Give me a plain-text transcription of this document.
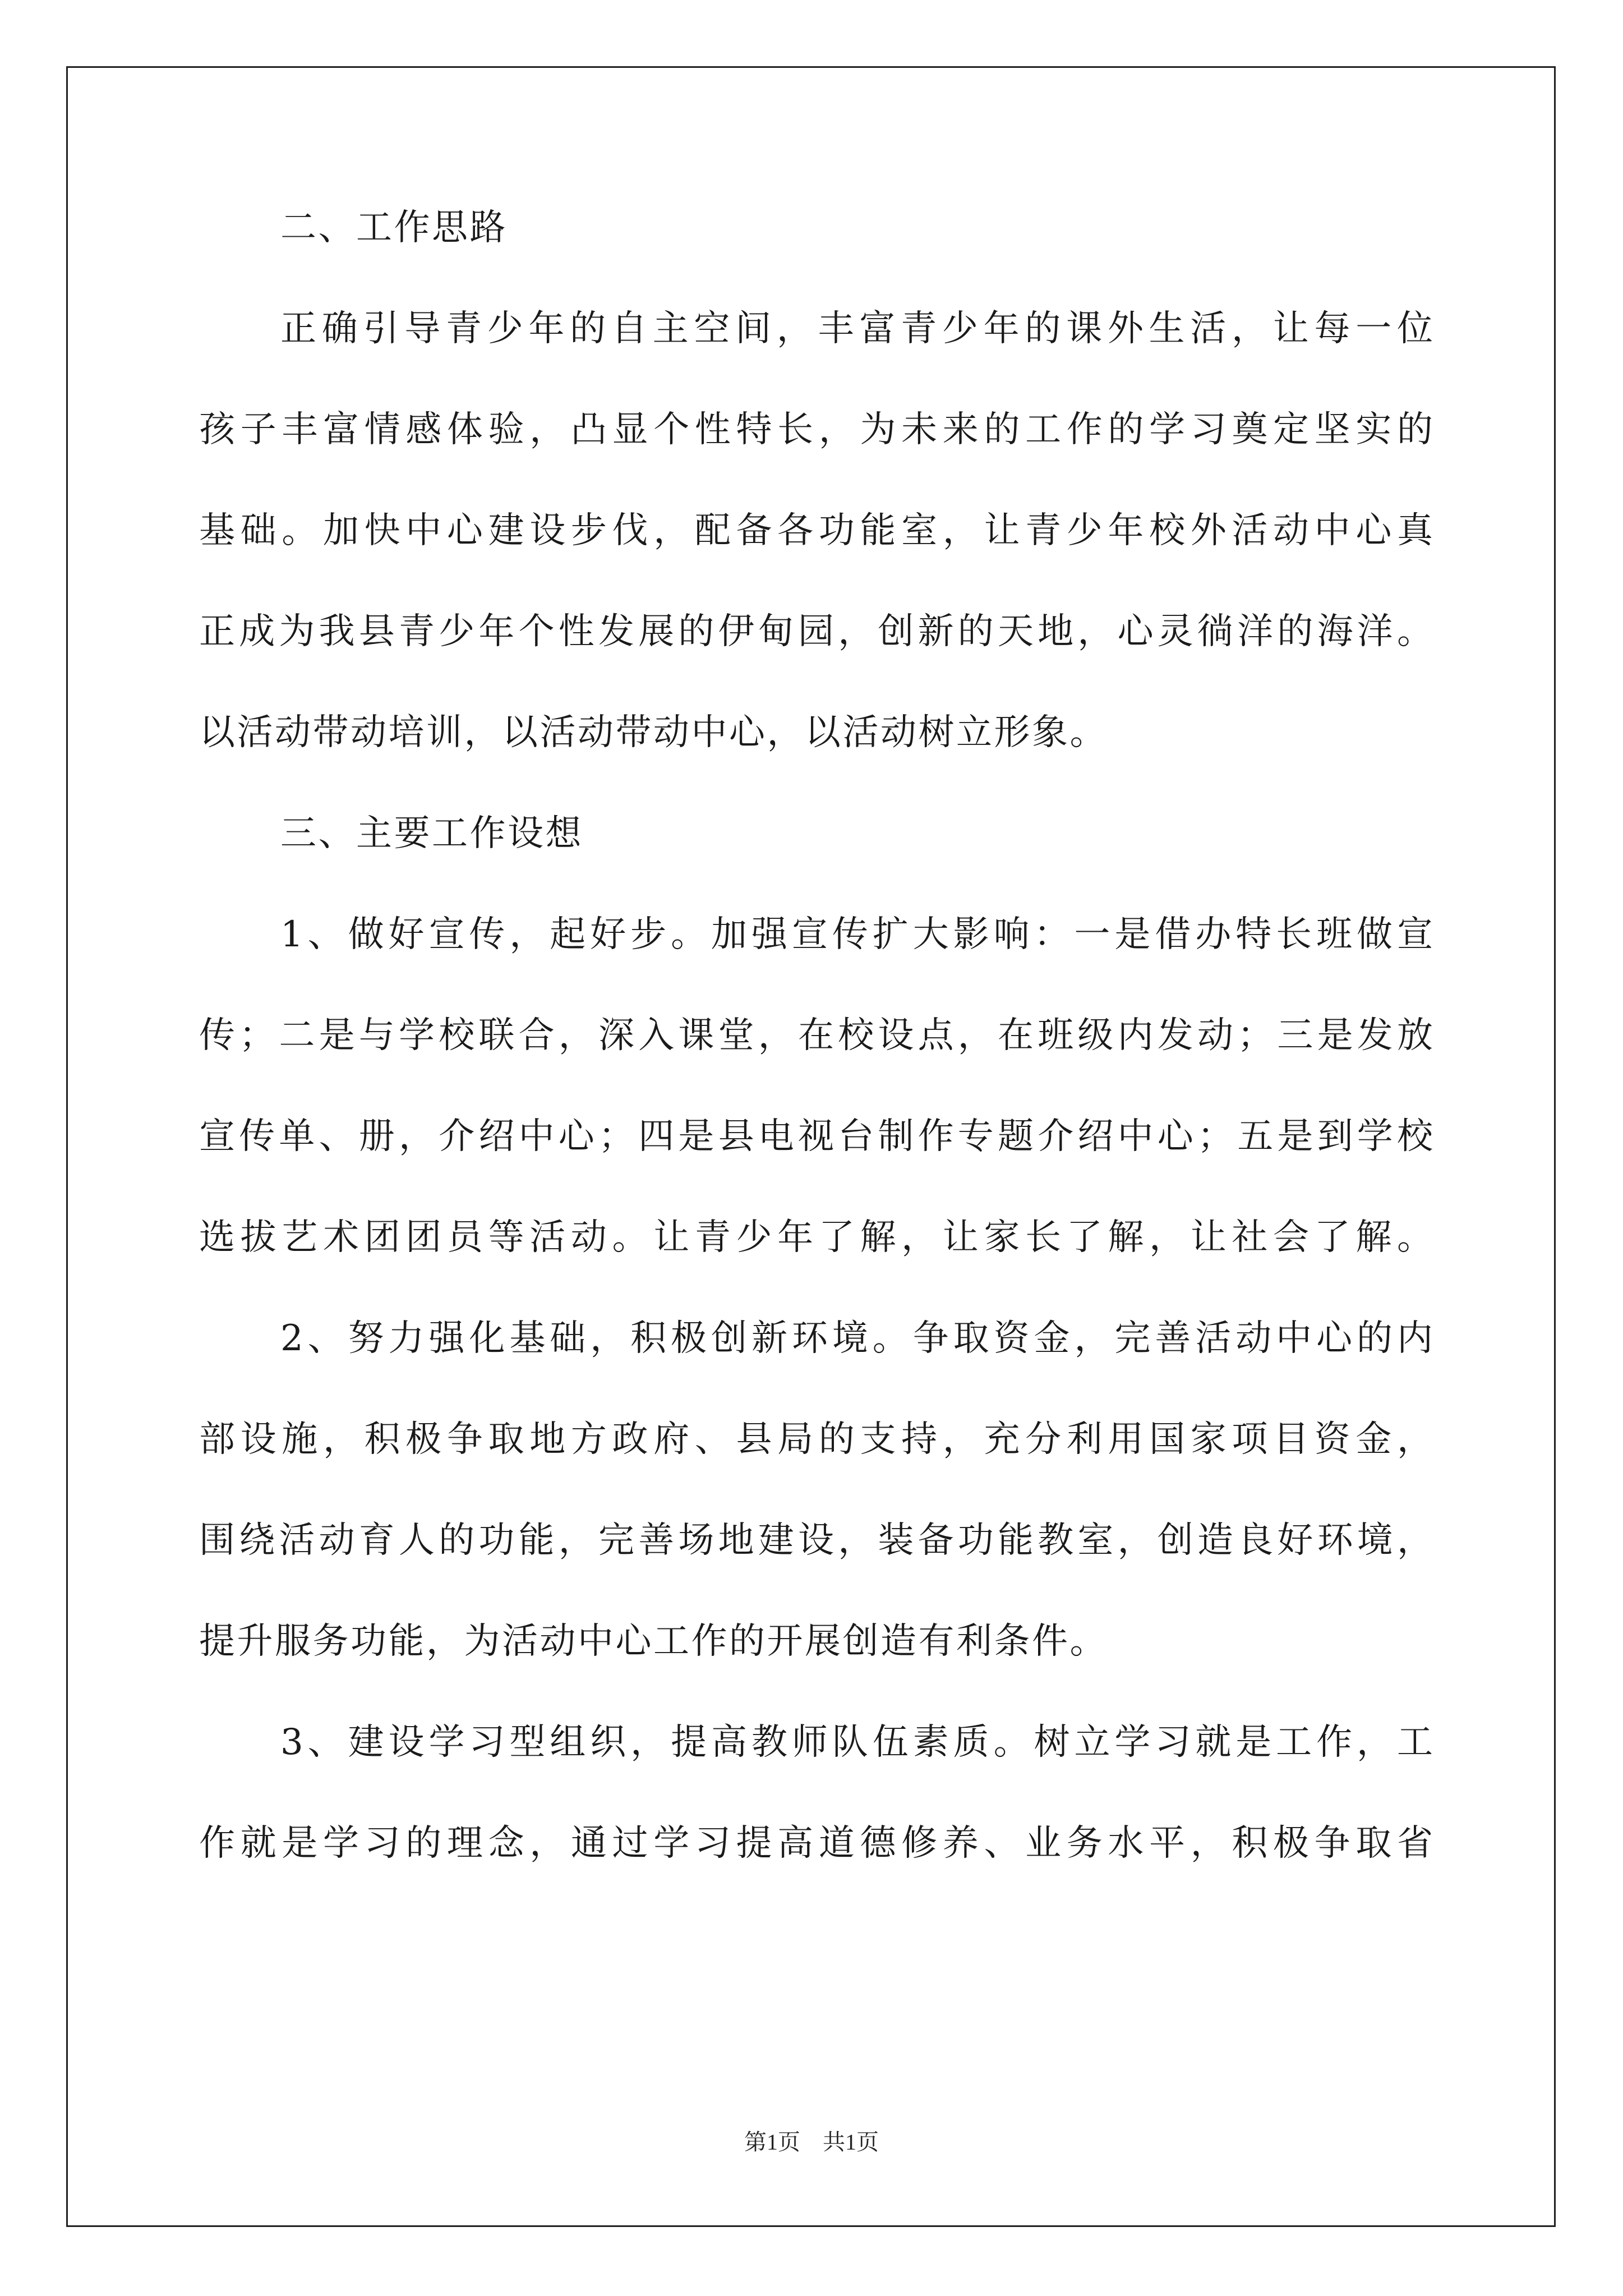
二、工作思路
正确引导青少年的自主空间，丰富青少年的课外生活，让每一位
孩子丰富情感体验，凸显个性特长，为未来的工作的学习奠定坚实的
基础。加快中心建设步伐，配备各功能室，让青少年校外活动中心真
正成为我县青少年个性发展的伊甸园，创新的天地，心灵徜洋的海洋。
以活动带动培训，以活动带动中心，以活动树立形象。
三、主要工作设想
1、做好宣传，起好步。加强宣传扩大影响：一是借办特长班做宣
传；二是与学校联合，深入课堂，在校设点，在班级内发动；三是发放
宣传单、册，介绍中心；四是县电视台制作专题介绍中心；五是到学校
选拔艺术团团员等活动。让青少年了解，让家长了解，让社会了解。
2、努力强化基础，积极创新环境。争取资金，完善活动中心的内
部设施，积极争取地方政府、县局的支持，充分利用国家项目资金，
围绕活动育人的功能，完善场地建设，装备功能教室，创造良好环境，
提升服务功能，为活动中心工作的开展创造有利条件。
3、建设学习型组织，提高教师队伍素质。树立学习就是工作，工
作就是学习的理念，通过学习提高道德修养、业务水平，积极争取省
第1页 共1页
